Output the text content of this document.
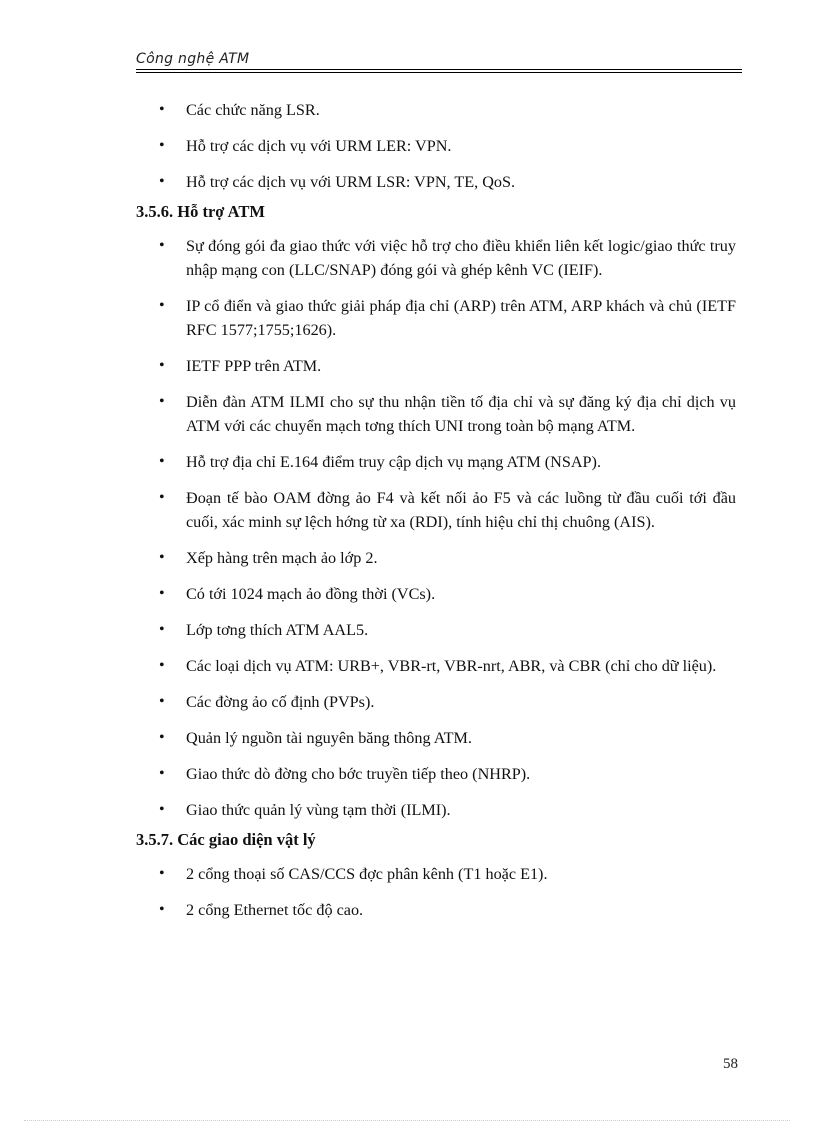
Công nghệ ATM
• Các chức năng LSR.
• Hỗ trợ các dịch vụ với URM LER: VPN.
• Hỗ trợ các dịch vụ với URM LSR: VPN, TE, QoS.
3.5.6. Hỗ trợ ATM
• Sự đóng gói đa giao thức với việc hỗ trợ cho điều khiển liên kết logic/giao thức truy nhập mạng con (LLC/SNAP) đóng gói và ghép kênh VC (IEIF).
• IP cổ điển và giao thức giải pháp địa chỉ (ARP) trên ATM, ARP khách và chủ (IETF RFC 1577;1755;1626).
• IETF PPP trên ATM.
• Diễn đàn ATM ILMI cho sự thu nhận tiền tố địa chỉ và sự đăng ký địa chỉ dịch vụ ATM với các chuyển mạch tơng thích UNI trong toàn bộ mạng ATM.
• Hỗ trợ địa chỉ E.164 điểm truy cập dịch vụ mạng ATM (NSAP).
• Đoạn tế bào OAM đờng ảo F4 và kết nối ảo F5 và các luồng từ đầu cuối tới đầu cuối, xác minh sự lệch hớng từ xa (RDI), tính hiệu chỉ thị chuông (AIS).
• Xếp hàng trên mạch ảo lớp 2.
• Có tới 1024 mạch ảo đồng thời (VCs).
• Lớp tơng thích ATM AAL5.
• Các loại dịch vụ ATM: URB+, VBR-rt, VBR-nrt, ABR, và CBR (chỉ cho dữ liệu).
• Các đờng ảo cố định (PVPs).
• Quản lý nguồn tài nguyên băng thông ATM.
• Giao thức dò đờng cho bớc truyền tiếp theo (NHRP).
• Giao thức quản lý vùng tạm thời (ILMI).
3.5.7. Các giao diện vật lý
• 2 cổng thoại số CAS/CCS đợc phân kênh (T1 hoặc E1).
• 2 cổng Ethernet tốc độ cao.
58
